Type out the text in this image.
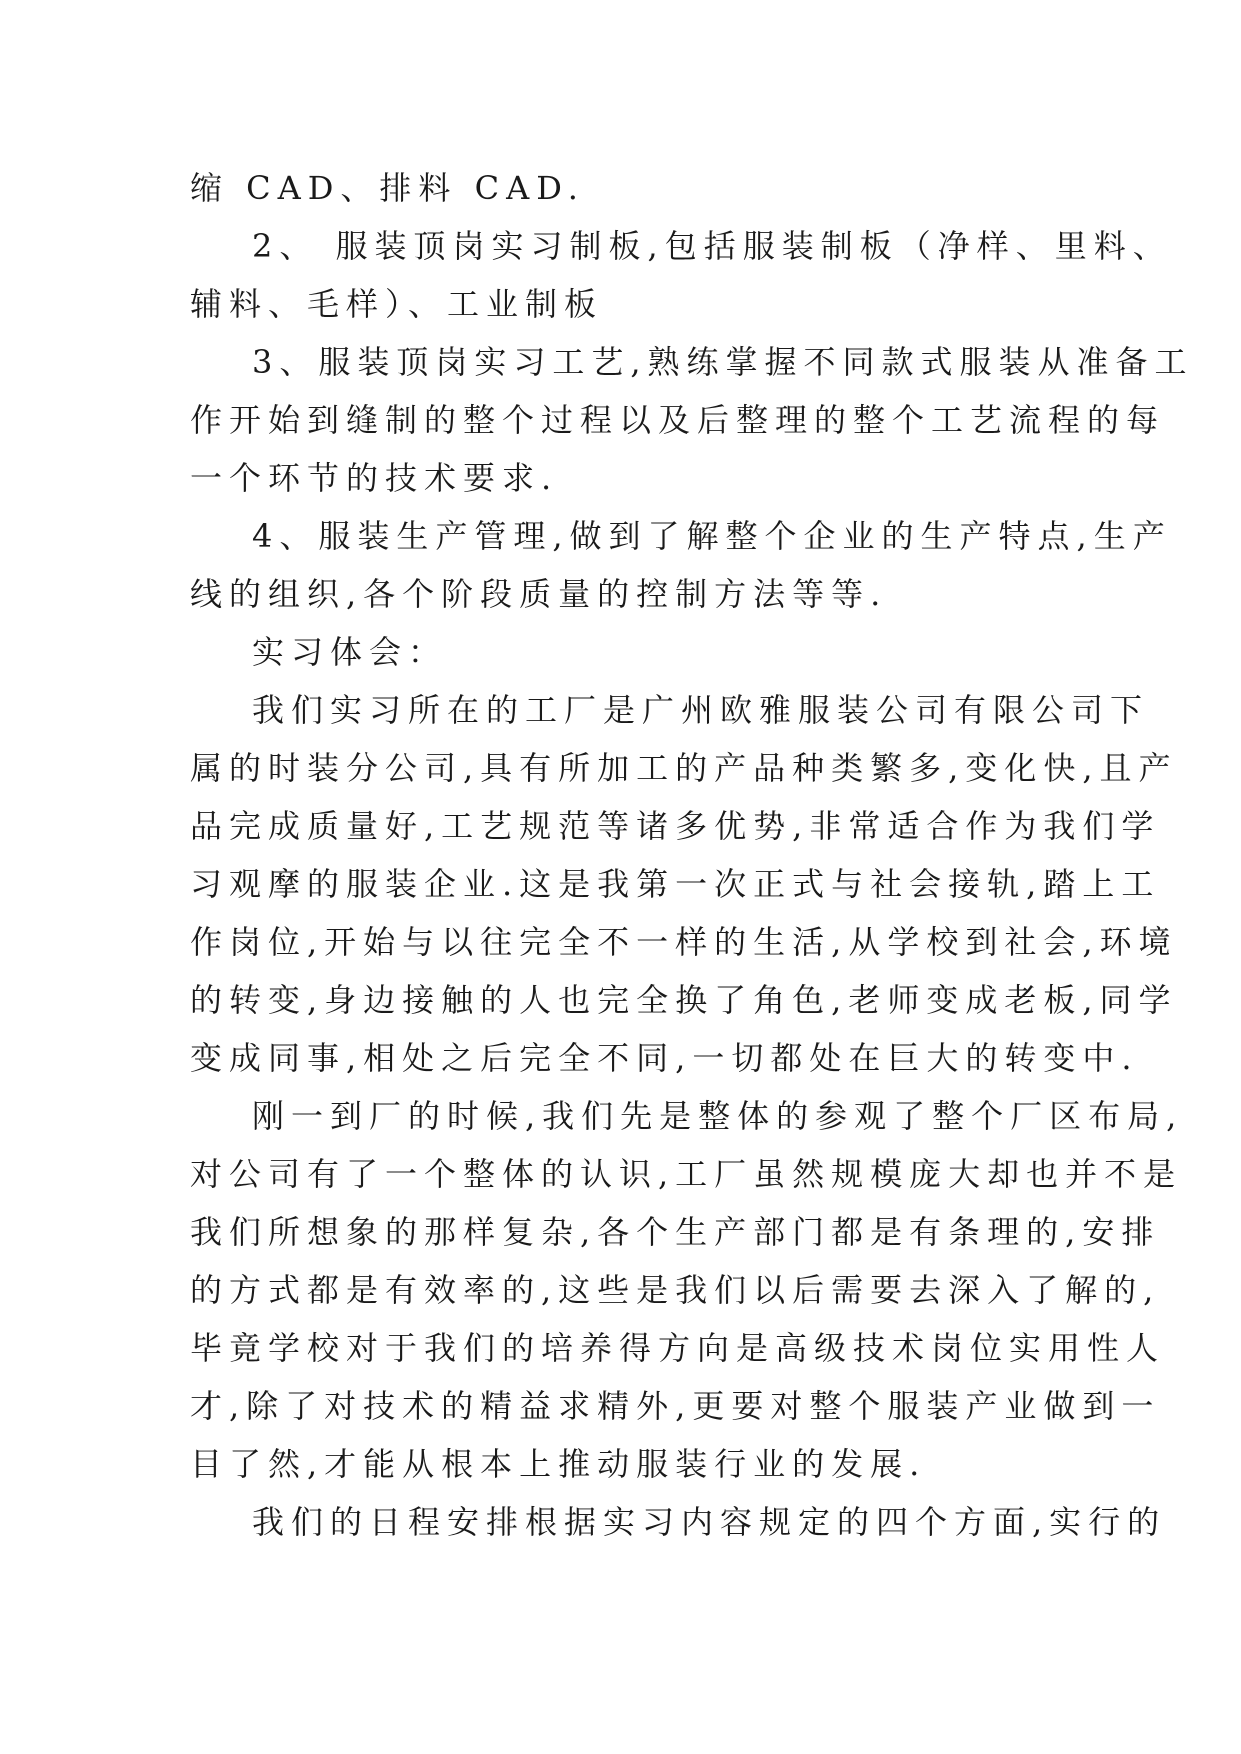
缩 CAD、排料 CAD.
2、 服装顶岗实习制板,包括服装制板（净样、里料、
辅料、毛样）、工业制板
3、服装顶岗实习工艺,熟练掌握不同款式服装从准备工
作开始到缝制的整个过程以及后整理的整个工艺流程的每
一个环节的技术要求.
4、服装生产管理,做到了解整个企业的生产特点,生产
线的组织,各个阶段质量的控制方法等等.
实习体会：
我们实习所在的工厂是广州欧雅服装公司有限公司下
属的时装分公司,具有所加工的产品种类繁多,变化快,且产
品完成质量好,工艺规范等诸多优势,非常适合作为我们学
习观摩的服装企业.这是我第一次正式与社会接轨,踏上工
作岗位,开始与以往完全不一样的生活,从学校到社会,环境
的转变,身边接触的人也完全换了角色,老师变成老板,同学
变成同事,相处之后完全不同,一切都处在巨大的转变中.
刚一到厂的时候,我们先是整体的参观了整个厂区布局,
对公司有了一个整体的认识,工厂虽然规模庞大却也并不是
我们所想象的那样复杂,各个生产部门都是有条理的,安排
的方式都是有效率的,这些是我们以后需要去深入了解的,
毕竟学校对于我们的培养得方向是高级技术岗位实用性人
才,除了对技术的精益求精外,更要对整个服装产业做到一
目了然,才能从根本上推动服装行业的发展.
我们的日程安排根据实习内容规定的四个方面,实行的
